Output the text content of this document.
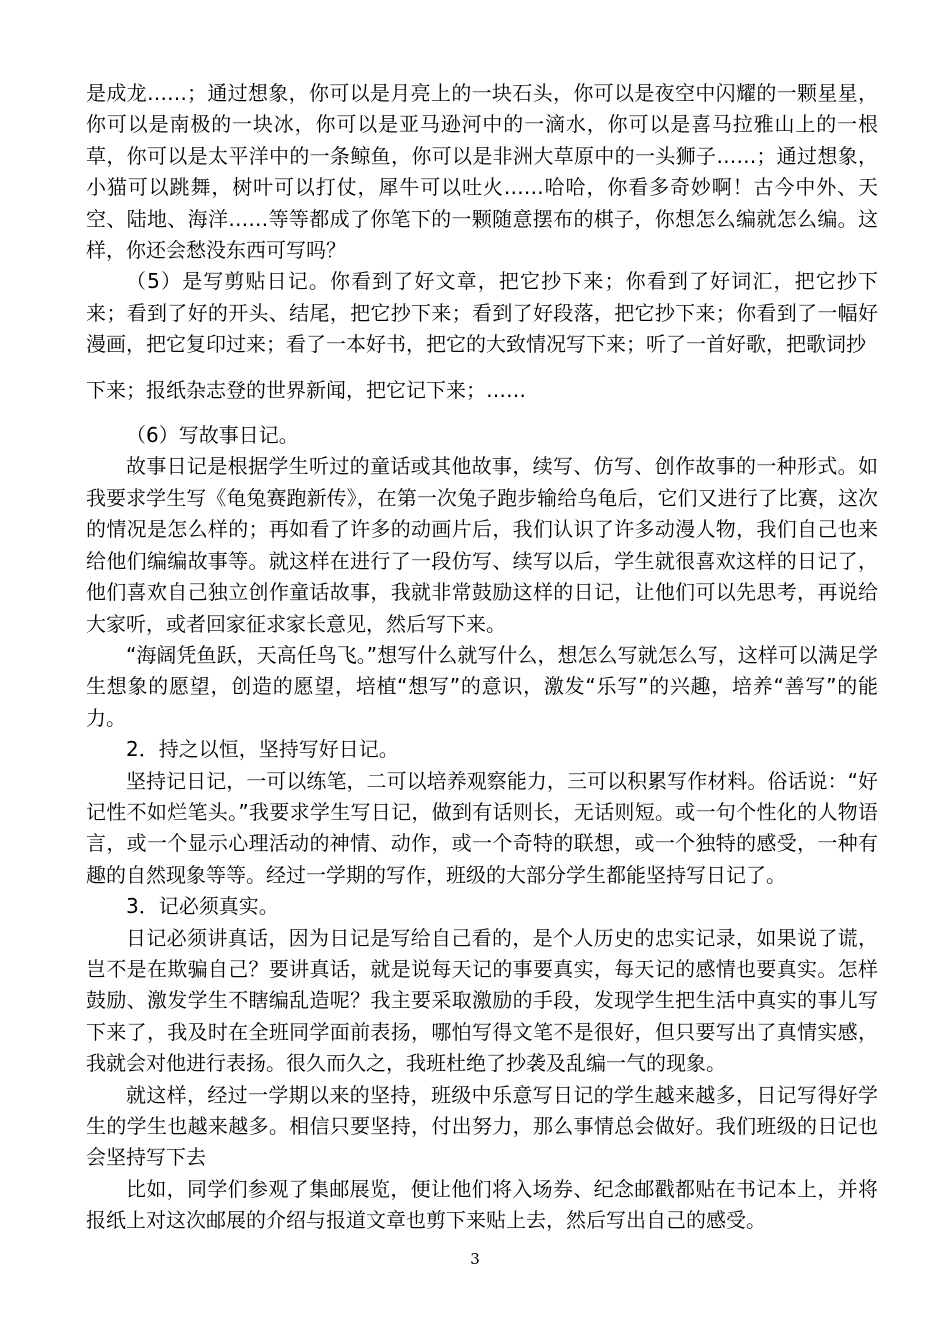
是成龙……；通过想象，你可以是月亮上的一块石头，你可以是夜空中闪耀的一颗星星，你可以是南极的一块冰，你可以是亚马逊河中的一滴水，你可以是喜马拉雅山上的一根草，你可以是太平洋中的一条鲸鱼，你可以是非洲大草原中的一头狮子……；通过想象，小猫可以跳舞，树叶可以打仗，犀牛可以吐火……哈哈，你看多奇妙啊！古今中外、天空、陆地、海洋……等等都成了你笔下的一颗随意摆布的棋子，你想怎么编就怎么编。这样，你还会愁没东西可写吗？

（5）是写剪贴日记。你看到了好文章，把它抄下来；你看到了好词汇，把它抄下来；看到了好的开头、结尾，把它抄下来；看到了好段落，把它抄下来；你看到了一幅好漫画，把它复印过来；看了一本好书，把它的大致情况写下来；听了一首好歌，把歌词抄

下来；报纸杂志登的世界新闻，把它记下来；……

（6）写故事日记。

故事日记是根据学生听过的童话或其他故事，续写、仿写、创作故事的一种形式。如我要求学生写《龟兔赛跑新传》，在第一次兔子跑步输给乌龟后，它们又进行了比赛，这次的情况是怎么样的；再如看了许多的动画片后，我们认识了许多动漫人物，我们自己也来给他们编编故事等。就这样在进行了一段仿写、续写以后，学生就很喜欢这样的日记了，他们喜欢自己独立创作童话故事，我就非常鼓励这样的日记，让他们可以先思考，再说给大家听，或者回家征求家长意见，然后写下来。

“海阔凭鱼跃，天高任鸟飞。”想写什么就写什么，想怎么写就怎么写，这样可以满足学生想象的愿望，创造的愿望，培植“想写”的意识，激发“乐写”的兴趣，培养“善写”的能力。

2．持之以恒，坚持写好日记。

坚持记日记，一可以练笔，二可以培养观察能力，三可以积累写作材料。俗话说：“好记性不如烂笔头。”我要求学生写日记，做到有话则长，无话则短。或一句个性化的人物语言，或一个显示心理活动的神情、动作，或一个奇特的联想，或一个独特的感受，一种有趣的自然现象等等。经过一学期的写作，班级的大部分学生都能坚持写日记了。

3．记必须真实。

日记必须讲真话，因为日记是写给自己看的，是个人历史的忠实记录，如果说了谎，岂不是在欺骗自己？要讲真话，就是说每天记的事要真实，每天记的感情也要真实。怎样鼓励、激发学生不瞎编乱造呢？我主要采取激励的手段，发现学生把生活中真实的事儿写下来了，我及时在全班同学面前表扬，哪怕写得文笔不是很好，但只要写出了真情实感，我就会对他进行表扬。很久而久之，我班杜绝了抄袭及乱编一气的现象。

就这样，经过一学期以来的坚持，班级中乐意写日记的学生越来越多，日记写得好学生的学生也越来越多。相信只要坚持，付出努力，那么事情总会做好。我们班级的日记也会坚持写下去

比如，同学们参观了集邮展览，便让他们将入场券、纪念邮戳都贴在书记本上，并将报纸上对这次邮展的介绍与报道文章也剪下来贴上去，然后写出自己的感受。

3
